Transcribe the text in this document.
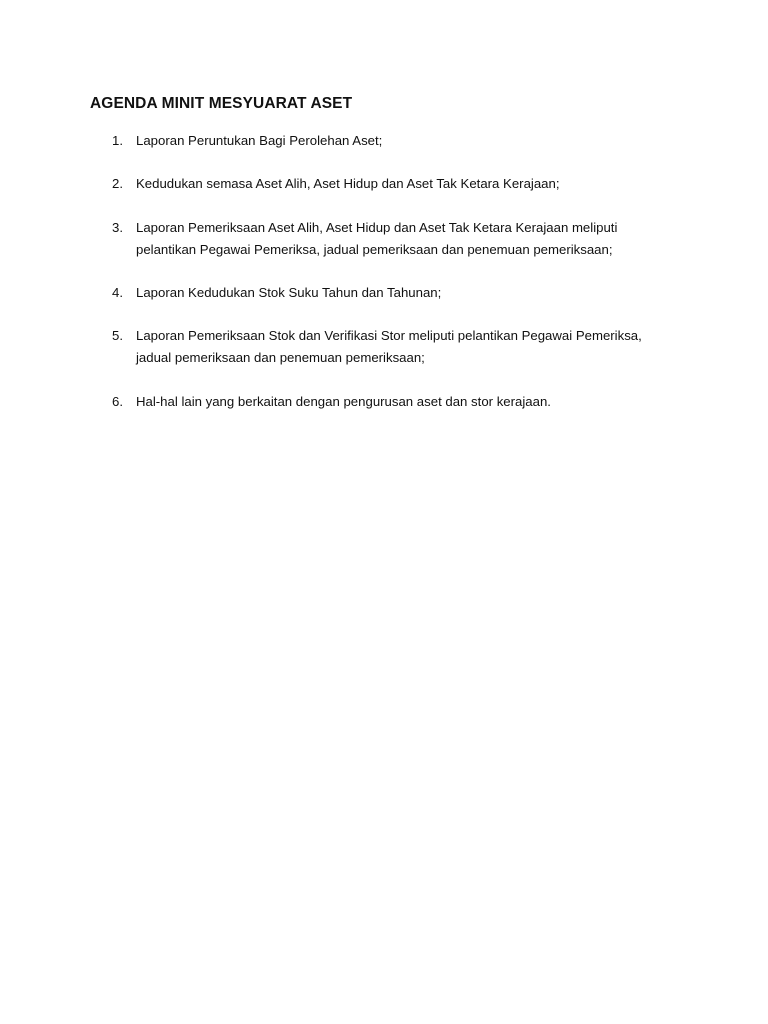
AGENDA MINIT MESYUARAT ASET
1. Laporan Peruntukan Bagi Perolehan Aset;
2. Kedudukan semasa Aset Alih, Aset Hidup dan Aset Tak Ketara Kerajaan;
3. Laporan Pemeriksaan Aset Alih, Aset Hidup dan Aset Tak Ketara Kerajaan meliputi
pelantikan Pegawai Pemeriksa, jadual pemeriksaan dan penemuan pemeriksaan;
4. Laporan Kedudukan Stok Suku Tahun dan Tahunan;
5. Laporan Pemeriksaan Stok dan Verifikasi Stor meliputi pelantikan Pegawai Pemeriksa,
jadual pemeriksaan dan penemuan pemeriksaan;
6. Hal-hal lain yang berkaitan dengan pengurusan aset dan stor kerajaan.
